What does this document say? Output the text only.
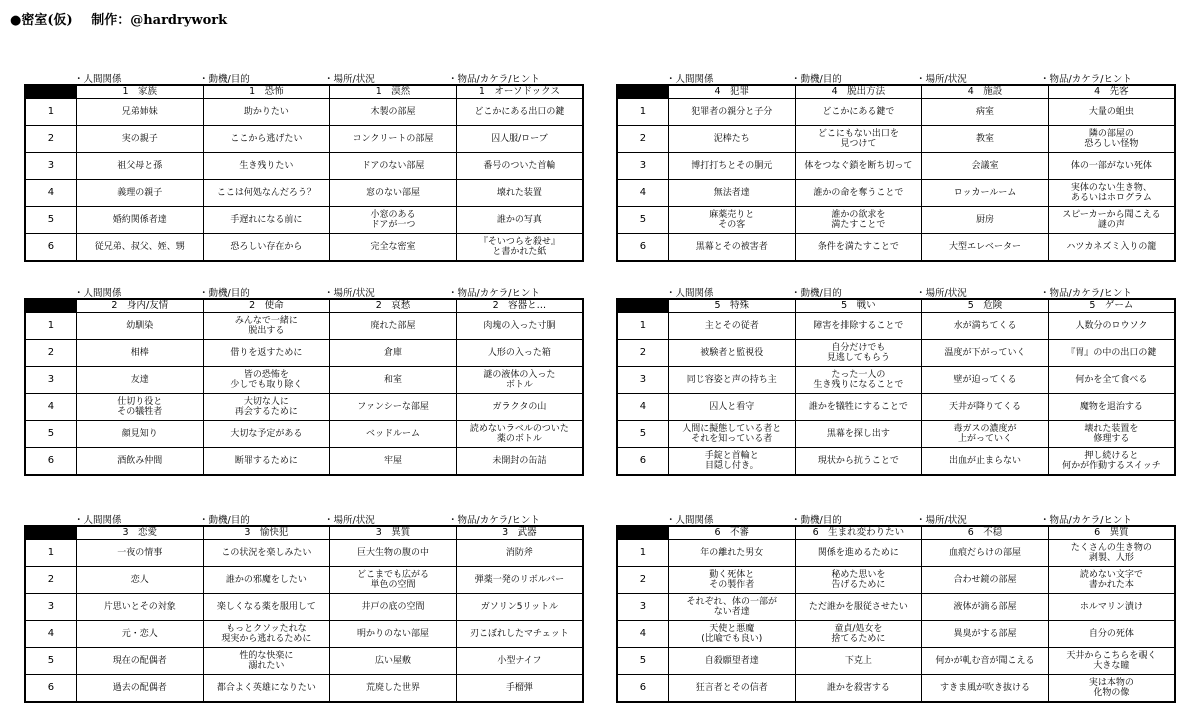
●密室(仮) 制作：@hardrywork
・人間関係	・動機/目的	・場所/状況	・物品/カケラ/ヒント
	1　家族	1　恐怖	1　漠然	1　オーソドックス
1	兄弟姉妹	助かりたい	木製の部屋	どこかにある出口の鍵
2	実の親子	ここから逃げたい	コンクリートの部屋	囚人服/ローブ
3	祖父母と孫	生き残りたい	ドアのない部屋	番号のついた首輪
4	義理の親子	ここは何処なんだろう？	窓のない部屋	壊れた装置
5	婚約関係者達	手遅れになる前に	小窓のある
ドアが一つ	誰かの写真
6	従兄弟、叔父、姪、甥	恐ろしい存在から	完全な密室	『そいつらを殺せ』
と書かれた紙
・人間関係	・動機/目的	・場所/状況	・物品/カケラ/ヒント
	4　犯罪	4　脱出方法	4　施設	4　先客
1	犯罪者の親分と子分	どこかにある鍵で	病室	大量の蛆虫
2	泥棒たち	どこにもない出口を
見つけて	教室	隣の部屋の
恐ろしい怪物
3	博打打ちとその胴元	体をつなぐ鎖を断ち切って	会議室	体の一部がない死体
4	無法者達	誰かの命を奪うことで	ロッカールーム	実体のない生き物、
あるいはホログラム
5	麻薬売りと
その客	誰かの欲求を
満たすことで	厨房	スピーカーから聞こえる
謎の声
6	黒幕とその被害者	条件を満たすことで	大型エレベーター	ハツカネズミ入りの籠
・人間関係	・動機/目的	・場所/状況	・物品/カケラ/ヒント
	2　身内/友情	2　使命	2　哀愁	2　容器と…
1	幼馴染	みんなで一緒に
脱出する	廃れた部屋	肉塊の入った寸胴
2	相棒	借りを返すために	倉庫	人形の入った箱
3	友達	皆の恐怖を
少しでも取り除く	和室	謎の液体の入った
ボトル
4	仕切り役と
その犠牲者	大切な人に
再会するために	ファンシーな部屋	ガラクタの山
5	顔見知り	大切な予定がある	ベッドルーム	読めないラベルのついた
薬のボトル
6	酒飲み仲間	断罪するために	牢屋	未開封の缶詰
・人間関係	・動機/目的	・場所/状況	・物品/カケラ/ヒント
	5　特殊	5　戦い	5　危険	5　ゲーム
1	主とその従者	障害を排除することで	水が満ちてくる	人数分のロウソク
2	被験者と監視役	自分だけでも
見逃してもらう	温度が下がっていく	『胃』の中の出口の鍵
3	同じ容姿と声の持ち主	たった一人の
生き残りになることで	壁が迫ってくる	何かを全て食べる
4	囚人と看守	誰かを犠牲にすることで	天井が降りてくる	魔物を退治する
5	人間に擬態している者と
それを知っている者	黒幕を探し出す	毒ガスの濃度が
上がっていく	壊れた装置を
修理する
6	手錠と首輪と
目隠し付き。	現状から抗うことで	出血が止まらない	押し続けると
何かが作動するスイッチ
・人間関係	・動機/目的	・場所/状況	・物品/カケラ/ヒント
	3　恋愛	3　愉快犯	3　異質	3　武器
1	一夜の情事	この状況を楽しみたい	巨大生物の腹の中	消防斧
2	恋人	誰かの邪魔をしたい	どこまでも広がる
単色の空間	弾薬一発のリボルバー
3	片思いとその対象	楽しくなる薬を服用して	井戸の底の空間	ガソリン5リットル
4	元・恋人	もっとクソッたれな
現実から逃れるために	明かりのない部屋	刃こぼれしたマチェット
5	現在の配偶者	性的な快楽に
溺れたい	広い屋敷	小型ナイフ
6	過去の配偶者	都合よく英雄になりたい	荒廃した世界	手榴弾
・人間関係	・動機/目的	・場所/状況	・物品/カケラ/ヒント
	6　不審	6　生まれ変わりたい	6　不穏	6　異質
1	年の離れた男女	関係を進めるために	血痕だらけの部屋	たくさんの生き物の
剥製、人形
2	動く死体と
その製作者	秘めた思いを
告げるために	合わせ鏡の部屋	読めない文字で
書かれた本
3	それぞれ、体の一部が
ない者達	ただ誰かを服従させたい	液体が滴る部屋	ホルマリン漬け
4	天使と悪魔
(比喩でも良い)	童貞/処女を
捨てるために	異臭がする部屋	自分の死体
5	自殺願望者達	下克上	何かが軋む音が聞こえる	天井からこちらを覗く
大きな瞳
6	狂言者とその信者	誰かを殺害する	すきま風が吹き抜ける	実は本物の
化物の像
